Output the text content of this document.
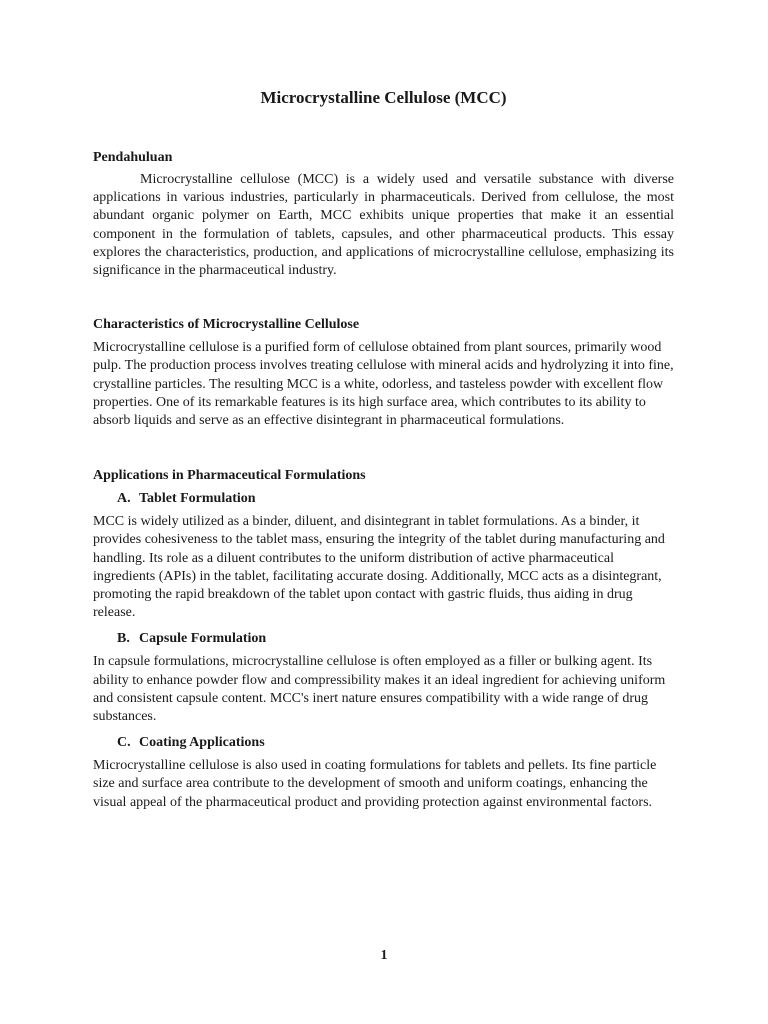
Microcrystalline Cellulose (MCC)
Pendahuluan

Microcrystalline cellulose (MCC) is a widely used and versatile substance with diverse applications in various industries, particularly in pharmaceuticals. Derived from cellulose, the most abundant organic polymer on Earth, MCC exhibits unique properties that make it an essential component in the formulation of tablets, capsules, and other pharmaceutical products. This essay explores the characteristics, production, and applications of microcrystalline cellulose, emphasizing its significance in the pharmaceutical industry.

Characteristics of Microcrystalline Cellulose

Microcrystalline cellulose is a purified form of cellulose obtained from plant sources, primarily wood pulp. The production process involves treating cellulose with mineral acids and hydrolyzing it into fine, crystalline particles. The resulting MCC is a white, odorless, and tasteless powder with excellent flow properties. One of its remarkable features is its high surface area, which contributes to its ability to absorb liquids and serve as an effective disintegrant in pharmaceutical formulations.

Applications in Pharmaceutical Formulations
A. Tablet Formulation

MCC is widely utilized as a binder, diluent, and disintegrant in tablet formulations. As a binder, it provides cohesiveness to the tablet mass, ensuring the integrity of the tablet during manufacturing and handling. Its role as a diluent contributes to the uniform distribution of active pharmaceutical ingredients (APIs) in the tablet, facilitating accurate dosing. Additionally, MCC acts as a disintegrant, promoting the rapid breakdown of the tablet upon contact with gastric fluids, thus aiding in drug release.

B. Capsule Formulation

In capsule formulations, microcrystalline cellulose is often employed as a filler or bulking agent. Its ability to enhance powder flow and compressibility makes it an ideal ingredient for achieving uniform and consistent capsule content. MCC's inert nature ensures compatibility with a wide range of drug substances.

C. Coating Applications

Microcrystalline cellulose is also used in coating formulations for tablets and pellets. Its fine particle size and surface area contribute to the development of smooth and uniform coatings, enhancing the visual appeal of the pharmaceutical product and providing protection against environmental factors.

1
